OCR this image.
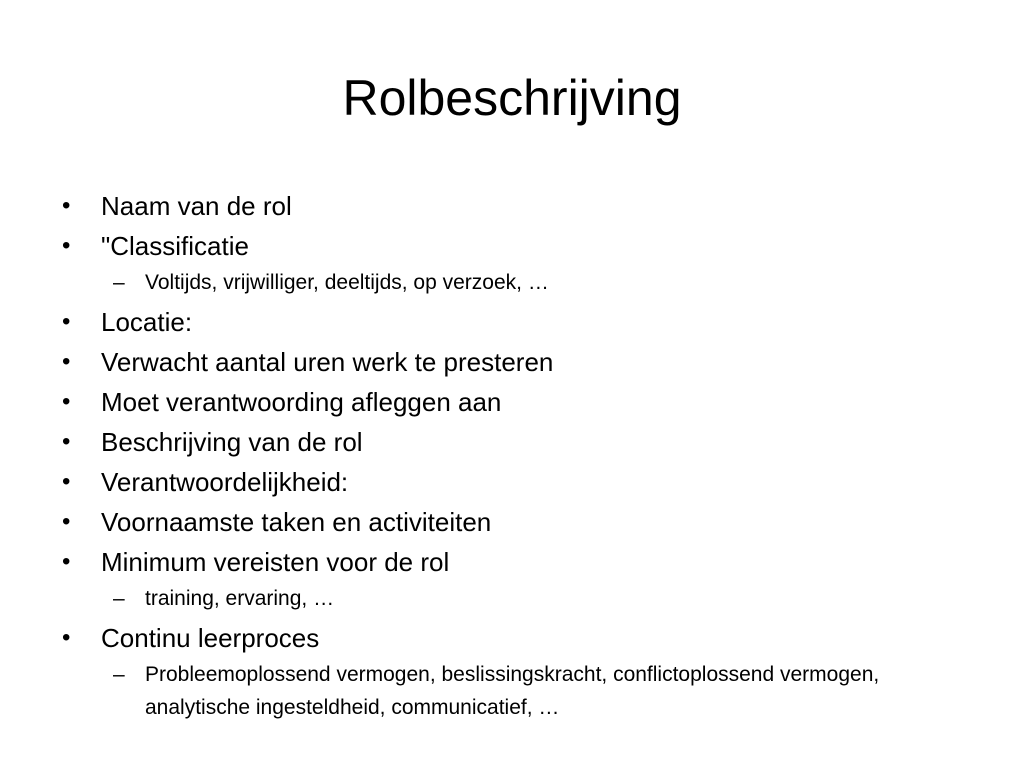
Rolbeschrijving
• Naam van de rol
• "Classificatie
– Voltijds, vrijwilliger, deeltijds, op verzoek, …
• Locatie:
• Verwacht aantal uren werk te presteren
• Moet verantwoording afleggen aan
• Beschrijving van de rol
• Verantwoordelijkheid:
• Voornaamste taken en activiteiten
• Minimum vereisten voor de rol
– training, ervaring, …
• Continu leerproces
– Probleemoplossend vermogen, beslissingskracht, conflictoplossend vermogen, analytische ingesteldheid, communicatief, …
